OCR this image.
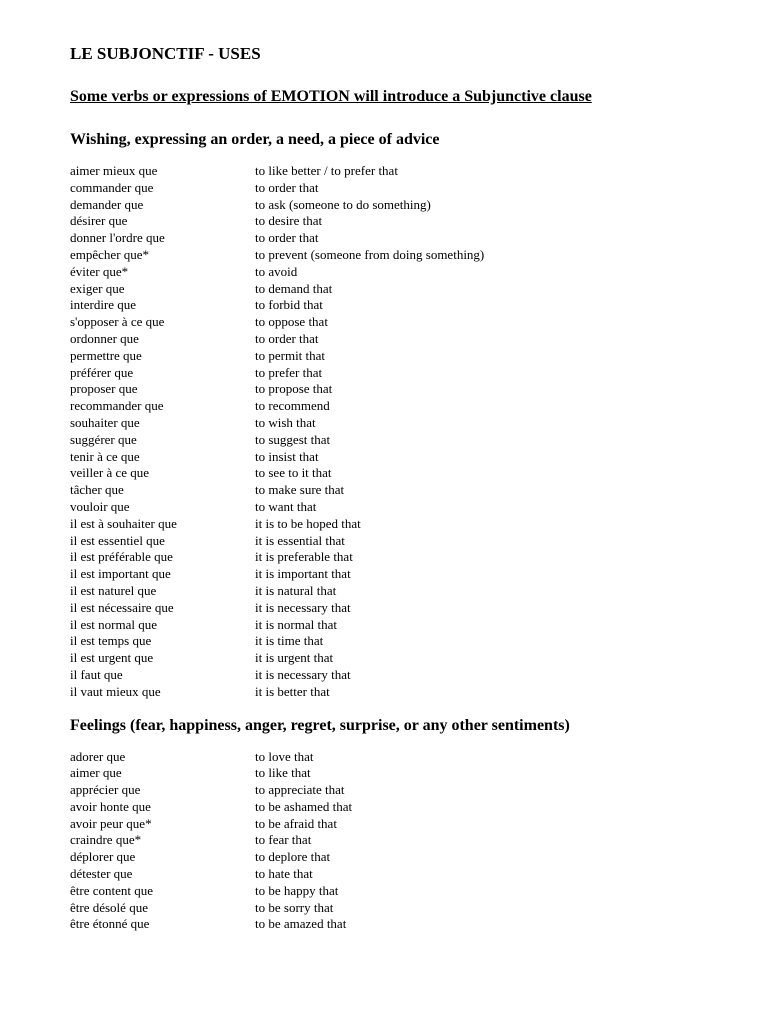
LE SUBJONCTIF - USES
Some verbs or expressions of EMOTION will introduce a Subjunctive clause
Wishing, expressing an order, a need, a piece of advice
aimer mieux que	to like better / to prefer that
commander que	to order that
demander que	to ask (someone to do something)
désirer que	to desire that
donner l'ordre que	to order that
empêcher que*	to prevent (someone from doing something)
éviter que*	to avoid
exiger que	to demand that
interdire que	to forbid that
s'opposer à ce que	to oppose that
ordonner que	to order that
permettre que	to permit that
préférer que	to prefer that
proposer que	to propose that
recommander que	to recommend
souhaiter que	to wish that
suggérer que	to suggest that
tenir à ce que	to insist that
veiller à ce que	to see to it that
tâcher que	to make sure that
vouloir que	to want that
il est à souhaiter que	it is to be hoped that
il est essentiel que	it is essential that
il est préférable que	it is preferable that
il est important que	it is important that
il est naturel que	it is natural that
il est nécessaire que	it is necessary that
il est normal que	it is normal that
il est temps que	it is time that
il est urgent que	it is urgent that
il faut que	it is necessary that
il vaut mieux que	it is better that
Feelings (fear, happiness, anger, regret, surprise, or any other sentiments)
adorer que	to love that
aimer que	to like that
apprécier que	to appreciate that
avoir honte que	to be ashamed that
avoir peur que*	to be afraid that
craindre que*	to fear that
déplorer que	to deplore that
détester que	to hate that
être content que	to be happy that
être désolé que	to be sorry that
être étonné que	to be amazed that
